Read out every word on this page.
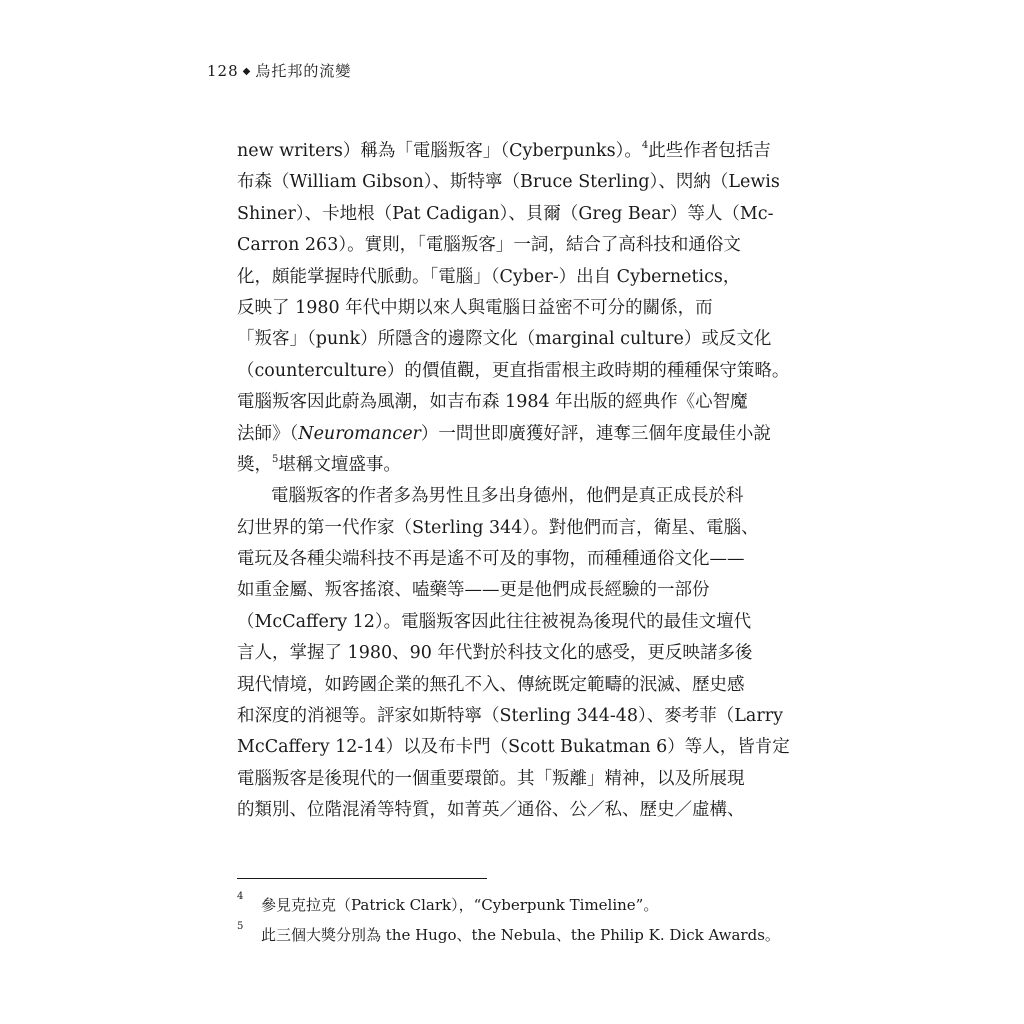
128 ◆ 烏托邦的流變
new writers）稱為「電腦叛客」（Cyberpunks）。$^4$ 此些作者包括吉
布森（William Gibson）、斯特寧（Bruce Sterling）、閃納（Lewis
Shiner）、卡地根（Pat Cadigan）、貝爾（Greg Bear）等人（Mc-
Carron 263）。實則，「電腦叛客」一詞，結合了高科技和通俗文
化，頗能掌握時代脈動。「電腦」（Cyber-）出自 Cybernetics，
反映了 1980 年代中期以來人與電腦日益密不可分的關係，而
「叛客」（punk）所隱含的邊際文化（marginal culture）或反文化
（counterculture）的價值觀，更直指雷根主政時期的種種保守策略。
電腦叛客因此蔚為風潮，如吉布森 1984 年出版的經典作《心智魔
法師》（Neuromancer）一問世即廣獲好評，連奪三個年度最佳小說
獎，$^5$堪稱文壇盛事。
電腦叛客的作者多為男性且多出身德州，他們是真正成長於科
幻世界的第一代作家（Sterling 344）。對他們而言，衛星、電腦、
電玩及各種尖端科技不再是遙不可及的事物，而種種通俗文化——
如重金屬、叛客搖滾、嗑藥等——更是他們成長經驗的一部份
（McCaffery 12）。電腦叛客因此往往被視為後現代的最佳文壇代
言人，掌握了 1980、90 年代對於科技文化的感受，更反映諸多後
現代情境，如跨國企業的無孔不入、傳統既定範疇的泯滅、歷史感
和深度的消褪等。評家如斯特寧（Sterling 344-48）、麥考菲（Larry
McCaffery 12-14）以及布卡門（Scott Bukatman 6）等人，皆肯定
電腦叛客是後現代的一個重要環節。其「叛離」精神，以及所展現
的類別、位階混淆等特質，如菁英／通俗、公／私、歷史／虛構、
4 參見克拉克（Patrick Clark），“Cyberpunk Timeline”。
5 此三個大獎分別為 the Hugo、the Nebula、the Philip K. Dick Awards。
